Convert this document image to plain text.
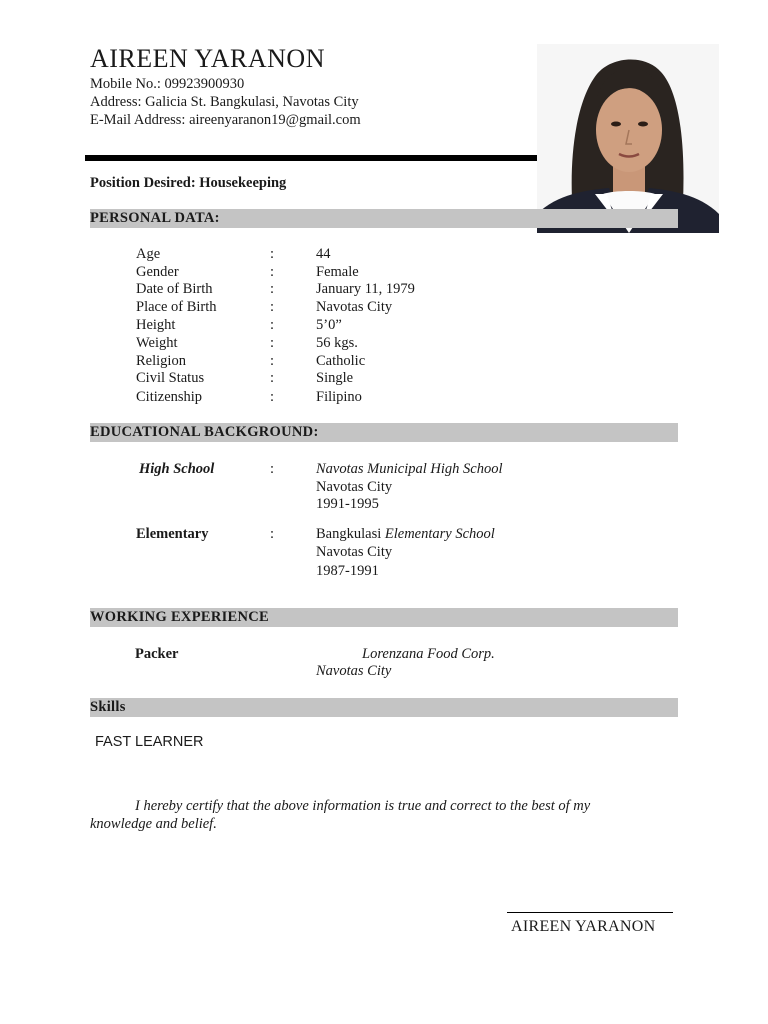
AIREEN YARANON
Mobile No.: 09923900930
Address: Galicia St. Bangkulasi, Navotas City
E-Mail Address: aireenyaranon19@gmail.com
Position Desired: Housekeeping
PERSONAL DATA:
Age	:	44
Gender	:	Female
Date of Birth	:	January 11, 1979
Place of Birth	:	Navotas City
Height	:	5’0”
Weight	:	56 kgs.
Religion	:	Catholic
Civil Status	:	Single
Citizenship	:	Filipino
EDUCATIONAL BACKGROUND:
High School	:	Navotas Municipal High School
Navotas City
1991-1995
Elementary	:	Bangkulasi Elementary School
Navotas City
1987-1991
WORKING EXPERIENCE
Packer	Lorenzana Food Corp.
Navotas City
Skills
FAST LEARNER
I hereby certify that the above information is true and correct to the best of my knowledge and belief.
AIREEN YARANON
